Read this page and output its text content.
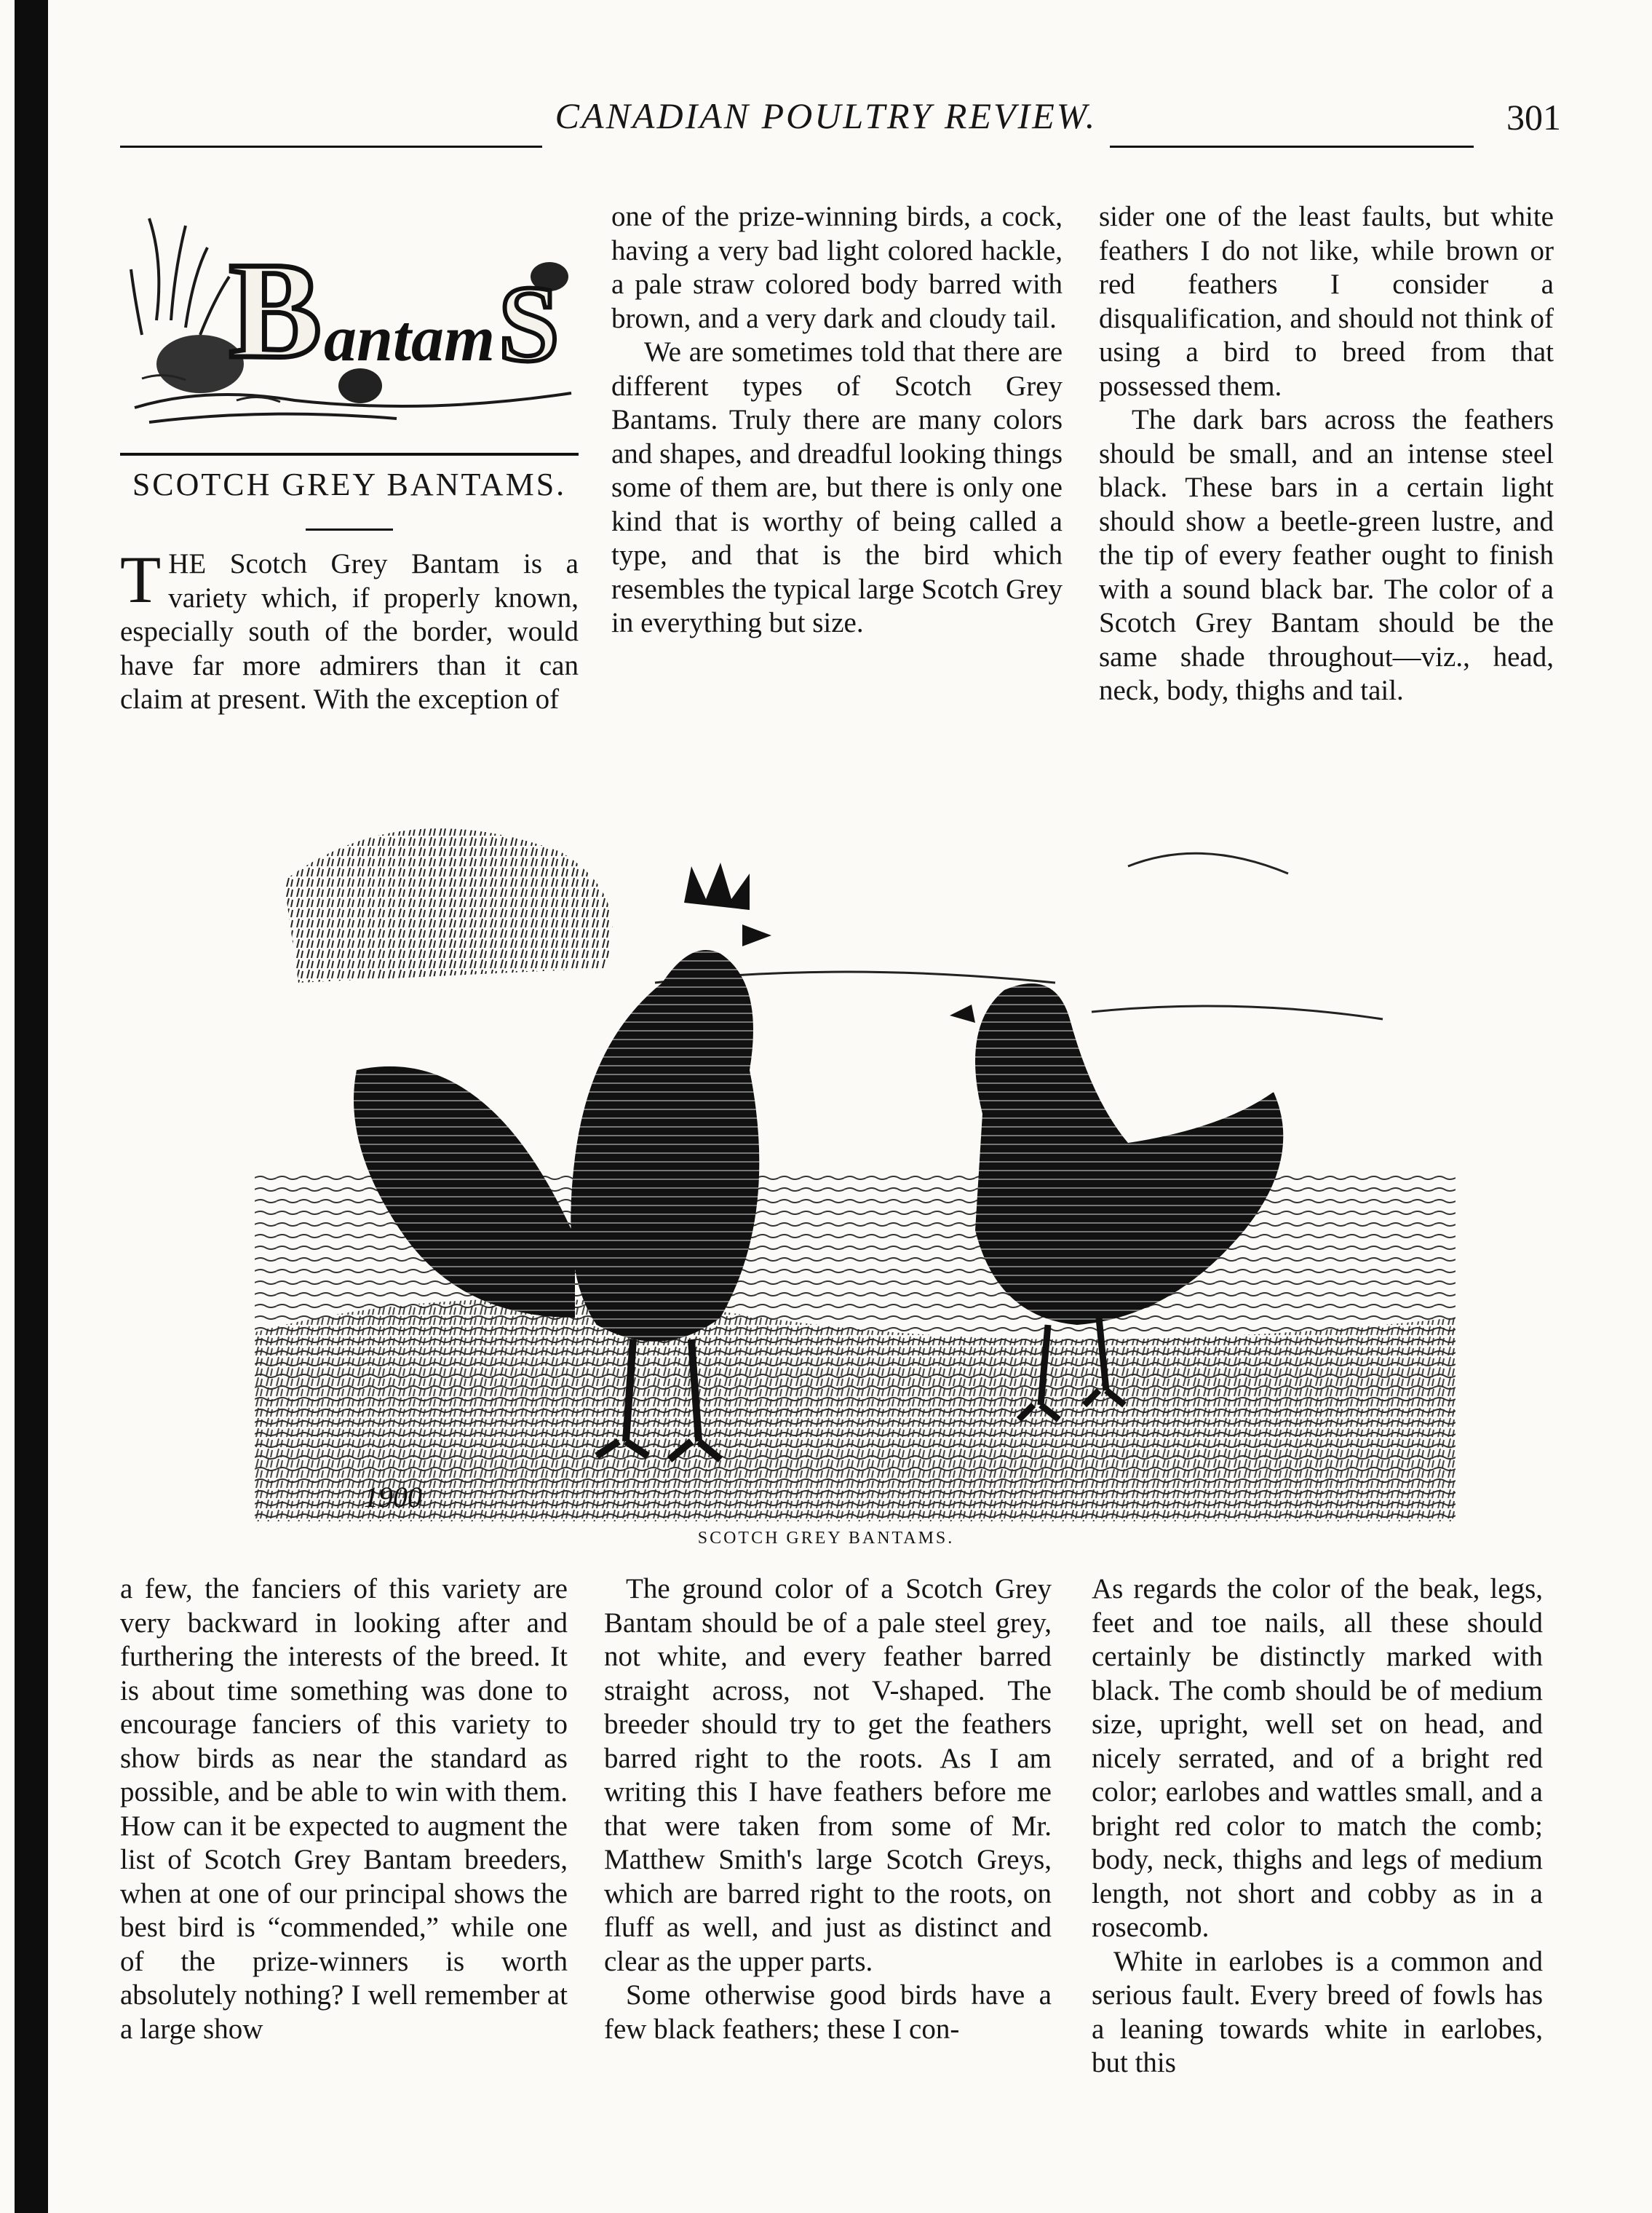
CANADIAN POULTRY REVIEW.	301
B antam S
SCOTCH GREY BANTAMS.

THE Scotch Grey Bantam is a variety which, if properly known, especially south of the border, would have far more admirers than it can claim at present. With the exception of

one of the prize-winning birds, a cock, having a very bad light colored hackle, a pale straw colored body barred with brown, and a very dark and cloudy tail.

We are sometimes told that there are different types of Scotch Grey Bantams. Truly there are many colors and shapes, and dreadful looking things some of them are, but there is only one kind that is worthy of being called a type, and that is the bird which resembles the typical large Scotch Grey in everything but size.

sider one of the least faults, but white feathers I do not like, while brown or red feathers I consider a disqualification, and should not think of using a bird to breed from that possessed them.

The dark bars across the feathers should be small, and an intense steel black. These bars in a certain light should show a beetle-green lustre, and the tip of every feather ought to finish with a sound black bar. The color of a Scotch Grey Bantam should be the same shade throughout—viz., head, neck, body, thighs and tail.

1900
SCOTCH GREY BANTAMS.

a few, the fanciers of this variety are very backward in looking after and furthering the interests of the breed. It is about time something was done to encourage fanciers of this variety to show birds as near the standard as possible, and be able to win with them. How can it be expected to augment the list of Scotch Grey Bantam breeders, when at one of our principal shows the best bird is “commended,” while one of the prize-winners is worth absolutely nothing? I well remember at a large show

The ground color of a Scotch Grey Bantam should be of a pale steel grey, not white, and every feather barred straight across, not V-shaped. The breeder should try to get the feathers barred right to the roots. As I am writing this I have feathers before me that were taken from some of Mr. Matthew Smith's large Scotch Greys, which are barred right to the roots, on fluff as well, and just as distinct and clear as the upper parts.

Some otherwise good birds have a few black feathers; these I con-

As regards the color of the beak, legs, feet and toe nails, all these should certainly be distinctly marked with black. The comb should be of medium size, upright, well set on head, and nicely serrated, and of a bright red color; earlobes and wattles small, and a bright red color to match the comb; body, neck, thighs and legs of medium length, not short and cobby as in a rosecomb.

White in earlobes is a common and serious fault. Every breed of fowls has a leaning towards white in earlobes, but this
